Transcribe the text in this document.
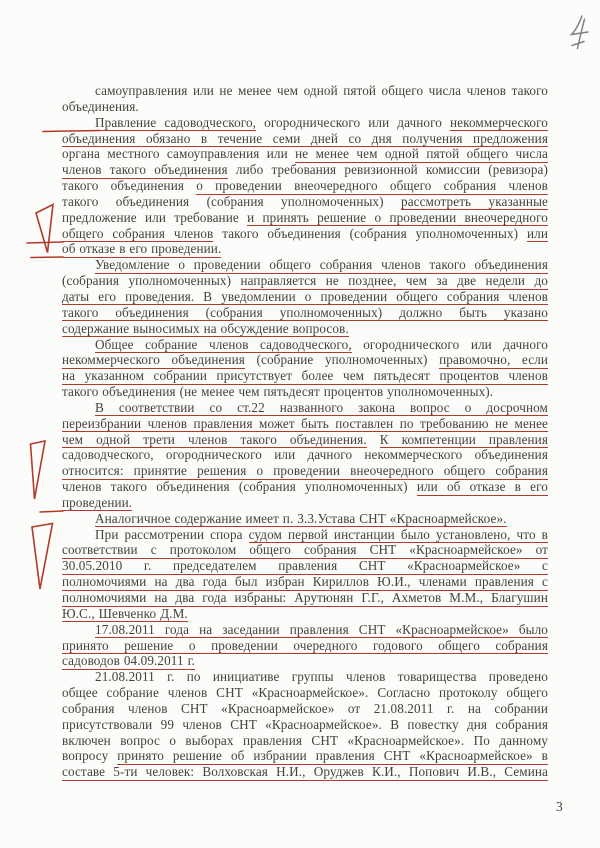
самоуправления или не менее чем одной пятой общего числа членов такого
объединения.
Правление садоводческого, огороднического или дачного некоммерческого
объединения обязано в течение семи дней со дня получения предложения
органа местного самоуправления или не менее чем одной пятой общего числа
членов такого объединения либо требования ревизионной комиссии (ревизора)
такого объединения о проведении внеочередного общего собрания членов
такого объединения (собрания уполномоченных) рассмотреть указанные
предложение или требование и принять решение о проведении внеочередного
общего собрания членов такого объединения (собрания уполномоченных) или
об отказе в его проведении.
Уведомление о проведении общего собрания членов такого объединения
(собрания уполномоченных) направляется не позднее, чем за две недели до
даты его проведения. В уведомлении о проведении общего собрания членов
такого объединения (собрания уполномоченных) должно быть указано
содержание выносимых на обсуждение вопросов.
Общее собрание членов садоводческого, огороднического или дачного
некоммерческого объединения (собрание уполномоченных) правомочно, если
на указанном собрании присутствует более чем пятьдесят процентов членов
такого объединения (не менее чем пятьдесят процентов уполномоченных).
В соответствии со ст.22 названного закона вопрос о досрочном
переизбрании членов правления может быть поставлен по требованию не менее
чем одной трети членов такого объединения. К компетенции правления
садоводческого, огороднического или дачного некоммерческого объединения
относится: принятие решения о проведении внеочередного общего собрания
членов такого объединения (собрания уполномоченных) или об отказе в его
проведении.
Аналогичное содержание имеет п. 3.3.Устава СНТ «Красноармейское».
При рассмотрении спора судом первой инстанции было установлено, что в
соответствии с протоколом общего собрания СНТ «Красноармейское» от
30.05.2010 г. председателем правления СНТ «Красноармейское» с
полномочиями на два года был избран Кириллов Ю.И., членами правления с
полномочиями на два года избраны: Арутюнян Г.Г., Ахметов М.М., Благушин
Ю.С., Шевченко Д.М.
17.08.2011 года на заседании правления СНТ «Красноармейское» было
принято решение о проведении очередного годового общего собрания
садоводов 04.09.2011 г.
21.08.2011 г. по инициативе группы членов товарищества проведено
общее собрание членов СНТ «Красноармейское». Согласно протоколу общего
собрания членов СНТ «Красноармейское» от 21.08.2011 г. на собрании
присутствовали 99 членов СНТ «Красноармейское». В повестку дня собрания
включен вопрос о выборах правления СНТ «Красноармейское». По данному
вопросу принято решение об избрании правления СНТ «Красноармейское» в
составе 5-ти человек: Волховская Н.И., Оруджев К.И., Попович И.В., Семина
3
